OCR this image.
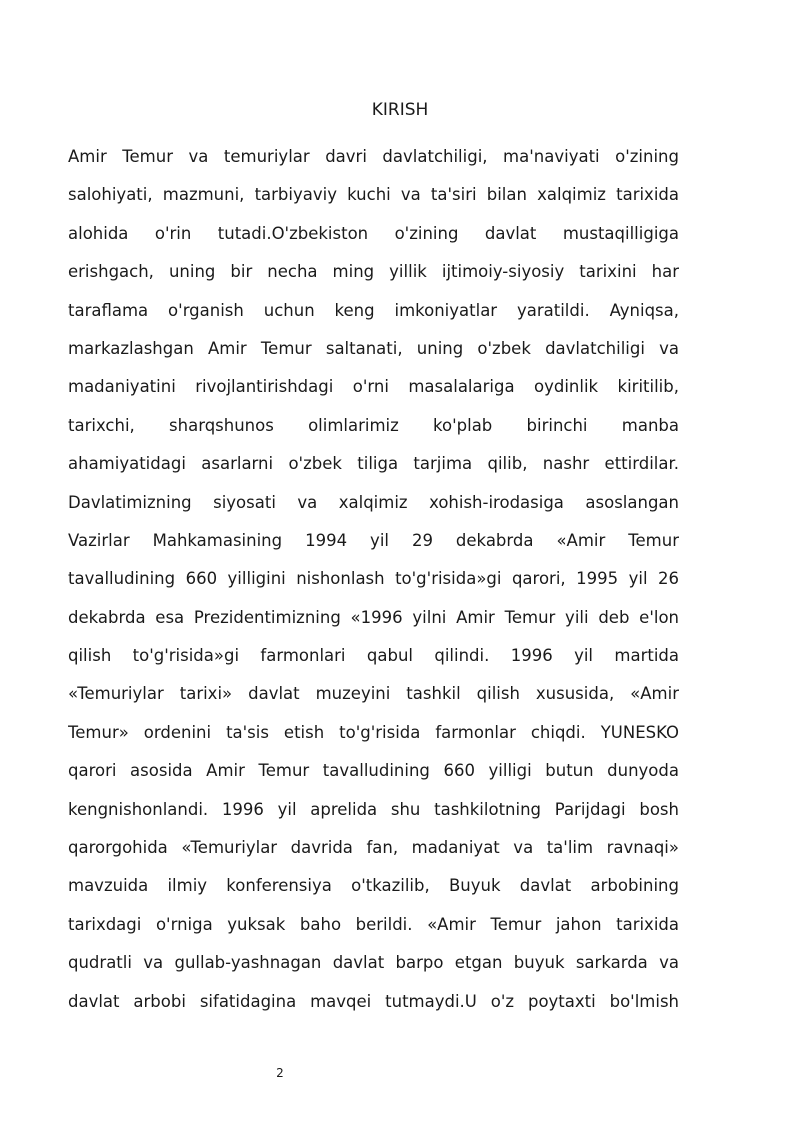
KIRISH
Amir Temur va temuriylar davri davlatchiligi, ma'naviyati o'zining
salohiyati, mazmuni, tarbiyaviy kuchi va ta'siri bilan xalqimiz tarixida
alohida o'rin tutadi.O'zbekiston o'zining davlat mustaqilligiga
erishgach, uning bir necha ming yillik ijtimoiy-siyosiy tarixini har
taraflama o'rganish uchun keng imkoniyatlar yaratildi. Ayniqsa,
markazlashgan Amir Temur saltanati, uning o'zbek davlatchiligi va
madaniyatini rivojlantirishdagi o'rni masalalariga oydinlik kiritilib,
tarixchi, sharqshunos olimlarimiz ko'plab birinchi manba
ahamiyatidagi asarlarni o'zbek tiliga tarjima qilib, nashr ettirdilar.
Davlatimizning siyosati va xalqimiz xohish-irodasiga asoslangan
Vazirlar Mahkamasining 1994 yil 29 dekabrda «Amir Temur
tavalludining 660 yilligini nishonlash to'g'risida»gi qarori, 1995 yil 26
dekabrda esa Prezidentimizning «1996 yilni Amir Temur yili deb e'lon
qilish to'g'risida»gi farmonlari qabul qilindi. 1996 yil martida
«Temuriylar tarixi» davlat muzeyini tashkil qilish xususida, «Amir
Temur» ordenini ta'sis etish to'g'risida farmonlar chiqdi. YUNESKO
qarori asosida Amir Temur tavalludining 660 yilligi butun dunyoda
kengnishonlandi. 1996 yil aprelida shu tashkilotning Parijdagi bosh
qarorgohida «Temuriylar davrida fan, madaniyat va ta'lim ravnaqi»
mavzuida ilmiy konferensiya o'tkazilib, Buyuk davlat arbobining
tarixdagi o'rniga yuksak baho berildi. «Amir Temur jahon tarixida
qudratli va gullab-yashnagan davlat barpo etgan buyuk sarkarda va
davlat arbobi sifatidagina mavqei tutmaydi.U o'z poytaxti bo'lmish
2
